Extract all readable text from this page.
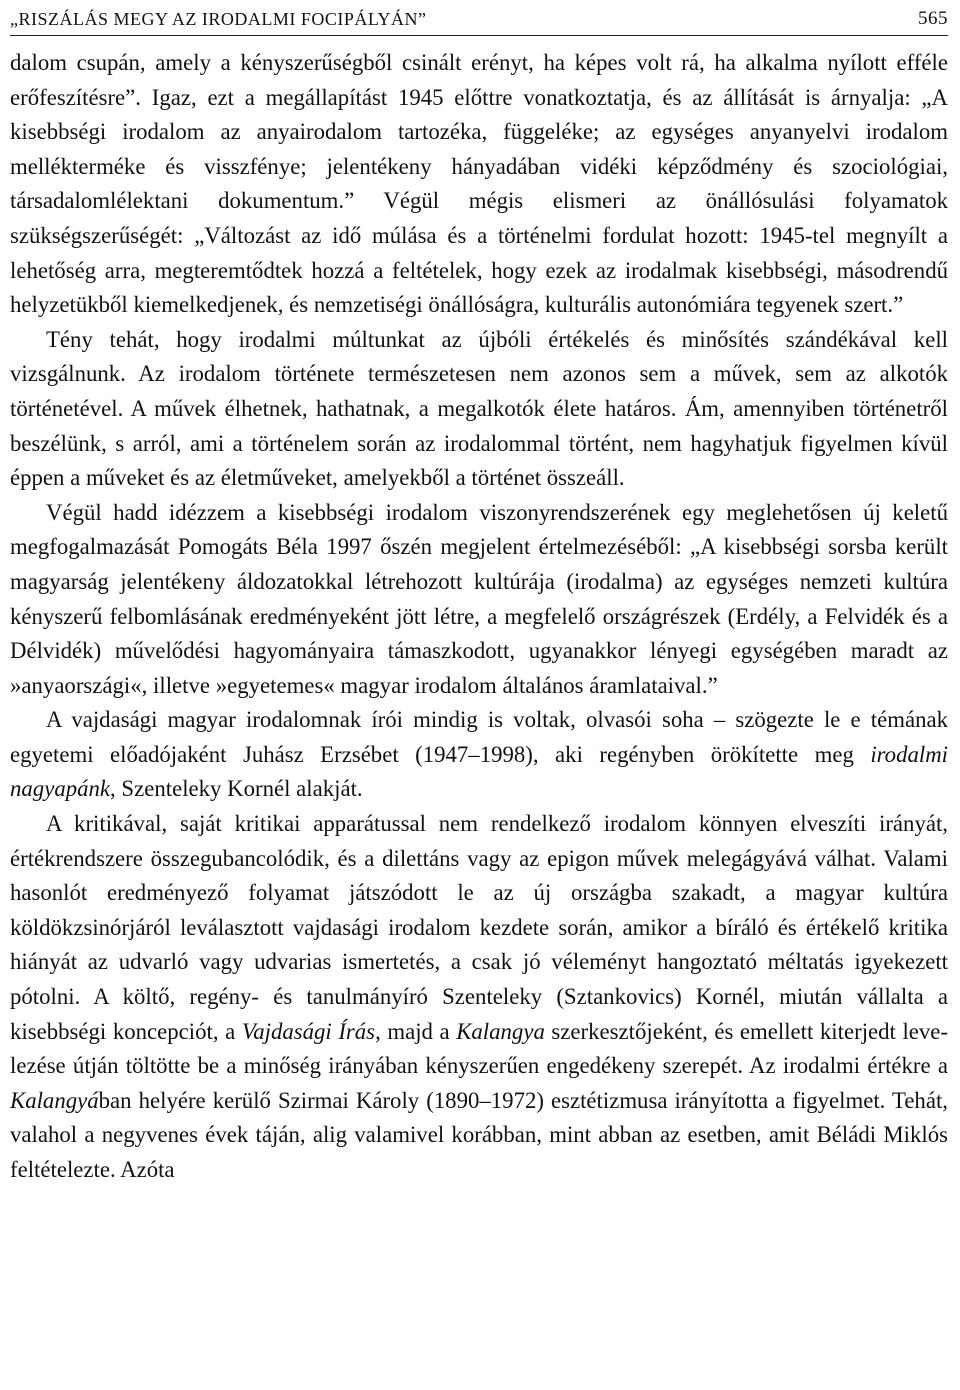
„RISZÁLÁS MEGY AZ IRODALMI FOCIPÁLYÁN”	565

dalom csupán, amely a kényszerűségből csinált erényt, ha képes volt rá, ha alkalma nyílott efféle erőfeszítésre”. Igaz, ezt a megállapítást 1945 előttre vonatkoztatja, és az állítását is árnyalja: „A kisebbségi irodalom az anyairodalom tartozéka, függeléke; az egységes anyanyelvi irodalom mellékterméke és visszfénye; jelentékeny hányadában vidéki képződmény és szociológiai, társadalomlélektani dokumentum.” Végül mégis elismeri az önállósulási folyamatok szükségszerűségét: „Változást az idő múlása és a történelmi fordulat hozott: 1945-tel megnyílt a lehetőség arra, megteremtődtek hozzá a feltételek, hogy ezek az irodalmak kisebbségi, másodrendű helyzetükből kiemelkedjenek, és nemzetiségi önállóságra, kulturális autonómiára tegyenek szert.”

Tény tehát, hogy irodalmi múltunkat az újbóli értékelés és minősítés szándékával kell vizsgálnunk. Az irodalom története természetesen nem azonos sem a művek, sem az alkotók történetével. A művek élhetnek, hathatnak, a megalkotók élete határos. Ám, amennyiben történetről beszélünk, s arról, ami a történelem során az irodalommal történt, nem hagyhatjuk figyelmen kívül éppen a műveket és az életműveket, amelyekből a történet összeáll.

Végül hadd idézzem a kisebbségi irodalom viszonyrendszerének egy meglehetősen új keletű megfogalmazását Pomogáts Béla 1997 őszén megjelent értelmezéséből: „A kisebbségi sorsba került magyarság jelentékeny áldozatokkal létrehozott kultúrája (irodalma) az egységes nemzeti kultúra kényszerű felbomlásának eredményeként jött létre, a megfelelő országrészek (Erdély, a Felvidék és a Délvidék) művelődési hagyományaira támaszkodott, ugyanakkor lényegi egységében maradt az »anyaországi«, illetve »egyetemes« magyar irodalom általános áramlataival.”

A vajdasági magyar irodalomnak írói mindig is voltak, olvasói soha – szögezte le e témának egyetemi előadójaként Juhász Erzsébet (1947–1998), aki regényben örökítette meg irodalmi nagyapánk, Szenteleky Kornél alakját.

A kritikával, saját kritikai apparátussal nem rendelkező irodalom könnyen elveszíti irányát, értékrendszere összegubancolódik, és a dilettáns vagy az epigon művek melegágyává válhat. Valami hasonlót eredményező folyamat játszódott le az új országba szakadt, a magyar kultúra köldökzsinórjáról leválasztott vajdasági irodalom kezdete során, amikor a bíráló és értékelő kritika hiányát az udvarló vagy udvarias ismertetés, a csak jó véleményt hangoztató méltatás igyekezett pótolni. A költő, regény- és tanulmányíró Szenteleky (Sztankovics) Kornél, miután vállalta a kisebbségi koncepciót, a Vajdasági Írás, majd a Kalangya szerkesztőjeként, és emellett kiterjedt levelezése útján töltötte be a minőség irányában kényszerűen engedékeny szerepét. Az irodalmi értékre a Kalangyában helyére kerülő Szirmai Károly (1890–1972) esztétizmusa irányította a figyelmet. Tehát, valahol a negyvenes évek táján, alig valamivel korábban, mint abban az esetben, amit Béládi Miklós feltételezte. Azóta
